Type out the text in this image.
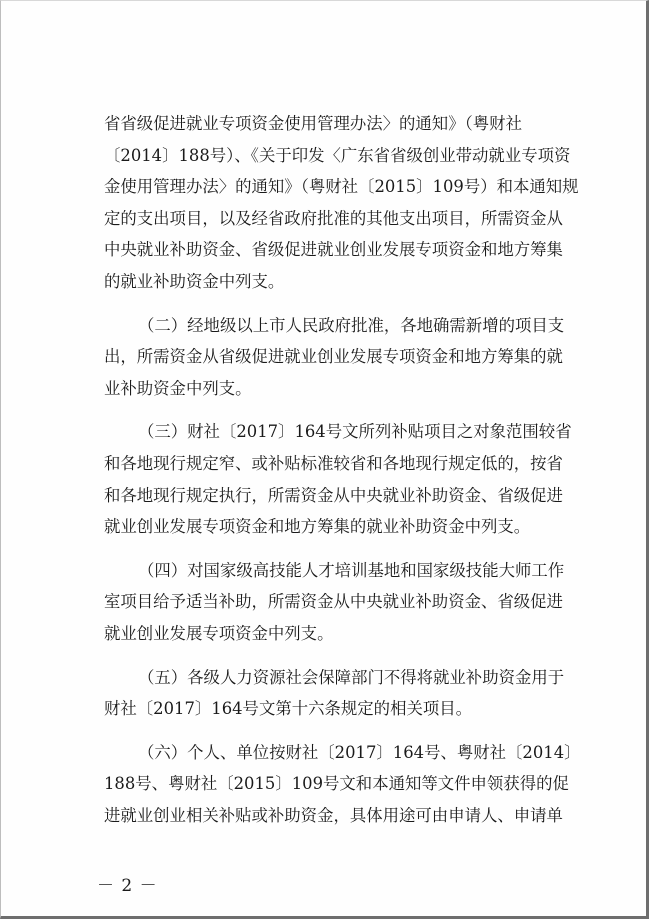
省省级促进就业专项资金使用管理办法〉的通知》（粤财社
〔2014〕188号）、《关于印发〈广东省省级创业带动就业专项资
金使用管理办法〉的通知》（粤财社〔2015〕109号）和本通知规
定的支出项目，以及经省政府批准的其他支出项目，所需资金从
中央就业补助资金、省级促进就业创业发展专项资金和地方筹集
的就业补助资金中列支。
（二）经地级以上市人民政府批准，各地确需新增的项目支
出，所需资金从省级促进就业创业发展专项资金和地方筹集的就
业补助资金中列支。
（三）财社〔2017〕164号文所列补贴项目之对象范围较省
和各地现行规定窄、或补贴标准较省和各地现行规定低的，按省
和各地现行规定执行，所需资金从中央就业补助资金、省级促进
就业创业发展专项资金和地方筹集的就业补助资金中列支。
（四）对国家级高技能人才培训基地和国家级技能大师工作
室项目给予适当补助，所需资金从中央就业补助资金、省级促进
就业创业发展专项资金中列支。
（五）各级人力资源社会保障部门不得将就业补助资金用于
财社〔2017〕164号文第十六条规定的相关项目。
（六）个人、单位按财社〔2017〕164号、粤财社〔2014〕
188号、粤财社〔2015〕109号文和本通知等文件申领获得的促
进就业创业相关补贴或补助资金，具体用途可由申请人、申请单
－ 2 －
